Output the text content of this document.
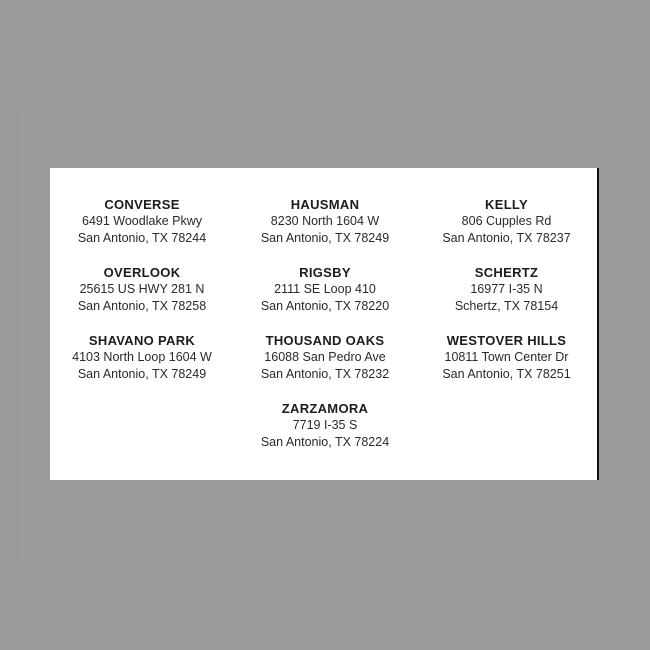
CONVERSE
6491 Woodlake Pkwy
San Antonio, TX 78244
HAUSMAN
8230 North 1604 W
San Antonio, TX 78249
KELLY
806 Cupples Rd
San Antonio, TX 78237
OVERLOOK
25615 US HWY 281 N
San Antonio, TX 78258
RIGSBY
2111 SE Loop 410
San Antonio, TX 78220
SCHERTZ
16977 I-35 N
Schertz, TX 78154
SHAVANO PARK
4103 North Loop 1604 W
San Antonio, TX 78249
THOUSAND OAKS
16088 San Pedro Ave
San Antonio, TX 78232
WESTOVER HILLS
10811 Town Center Dr
San Antonio, TX 78251
ZARZAMORA
7719 I-35 S
San Antonio, TX 78224
